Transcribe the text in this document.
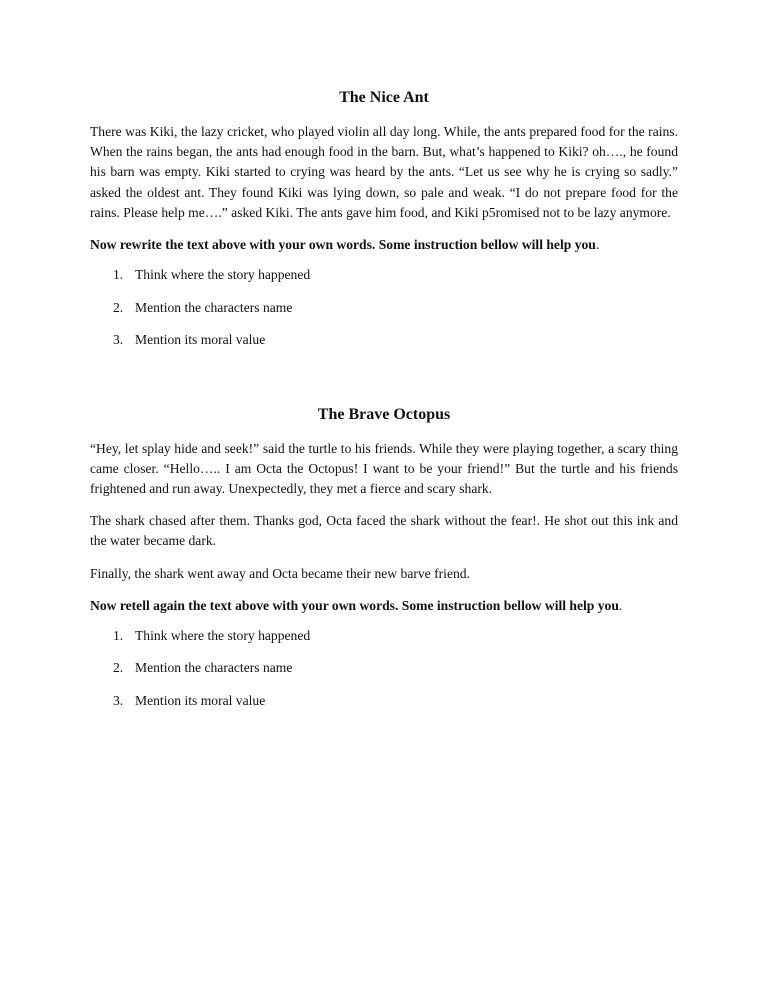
The Nice Ant

There was Kiki, the lazy cricket, who played violin all day long. While, the ants prepared food for the rains. When the rains began, the ants had enough food in the barn. But, what’s happened to Kiki? oh…., he found his barn was empty. Kiki started to crying was heard by the ants. “Let us see why he is crying so sadly.” asked the oldest ant. They found Kiki was lying down, so pale and weak. “I do not prepare food for the rains. Please help me….” asked Kiki. The ants gave him food, and Kiki p5romised not to be lazy anymore.

Now rewrite the text above with your own words. Some instruction bellow will help you.

1. Think where the story happened
2. Mention the characters name
3. Mention its moral value
The Brave Octopus

“Hey, let splay hide and seek!” said the turtle to his friends. While they were playing together, a scary thing came closer. “Hello….. I am Octa the Octopus! I want to be your friend!” But the turtle and his friends frightened and run away. Unexpectedly, they met a fierce and scary shark.

The shark chased after them. Thanks god, Octa faced the shark without the fear!. He shot out this ink and the water became dark.

Finally, the shark went away and Octa became their new barve friend.

Now retell again the text above with your own words. Some instruction bellow will help you.

1. Think where the story happened
2. Mention the characters name
3. Mention its moral value
